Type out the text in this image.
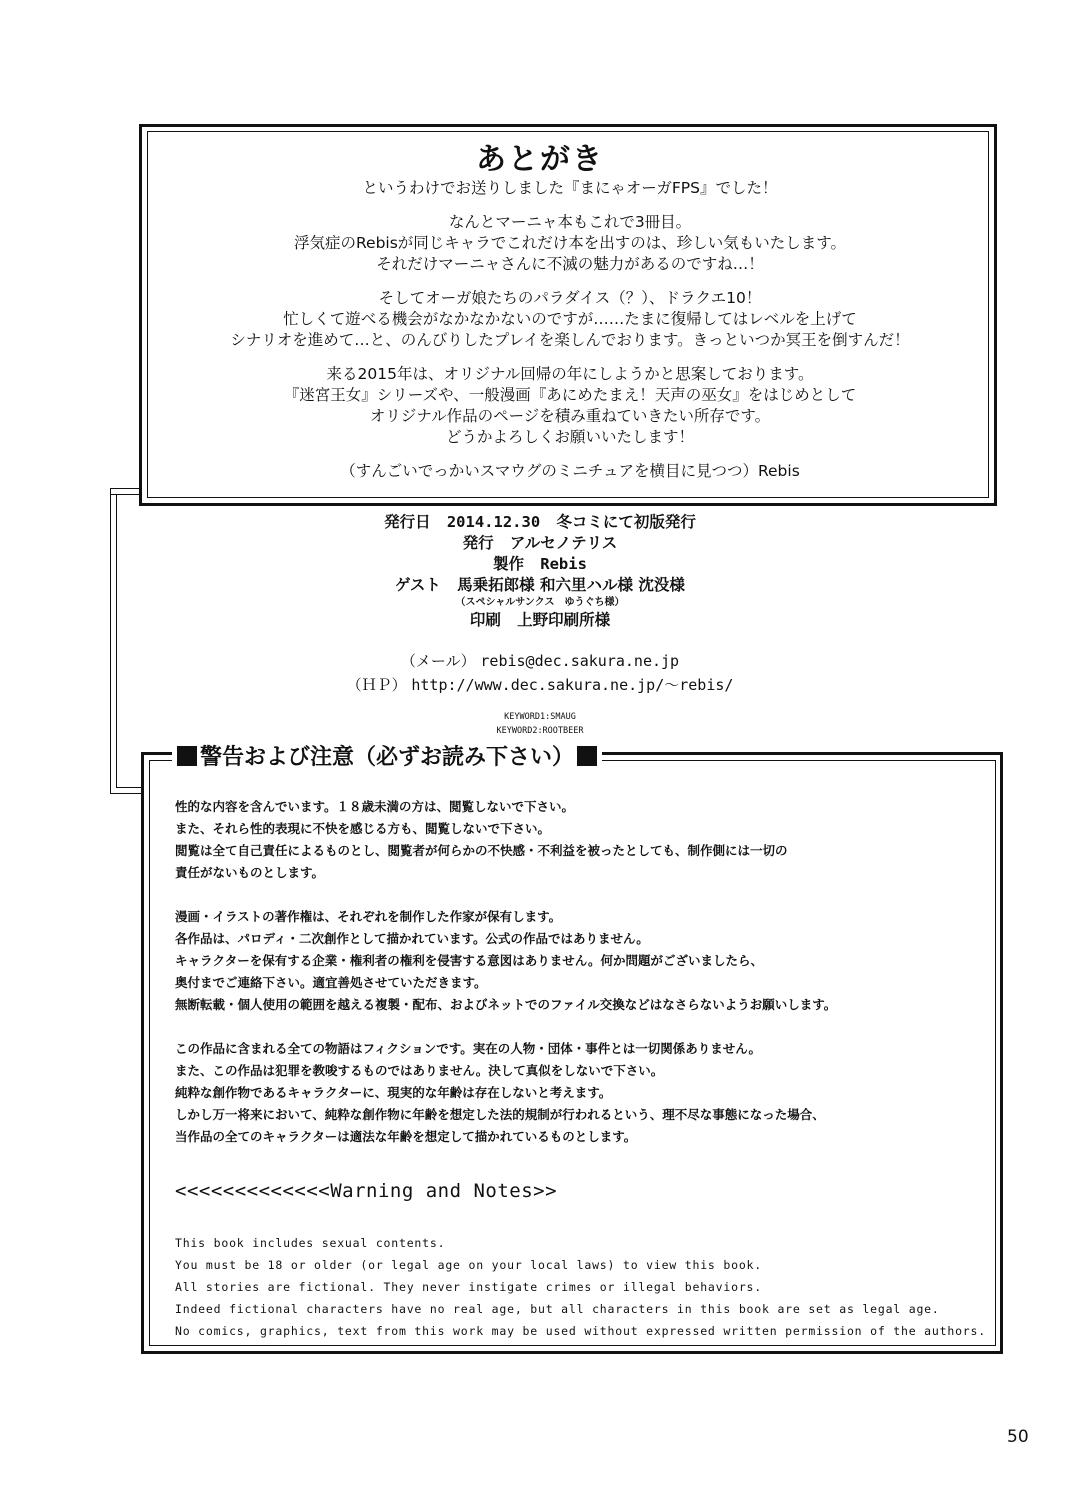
あとがき
というわけでお送りしました『まにゃオーガFPS』でした！
なんとマーニャ本もこれで3冊目。
浮気症のRebisが同じキャラでこれだけ本を出すのは、珍しい気もいたします。
それだけマーニャさんに不滅の魅力があるのですね…！
そしてオーガ娘たちのパラダイス（？）、ドラクエ10！
忙しくて遊べる機会がなかなかないのですが……たまに復帰してはレベルを上げて
シナリオを進めて…と、のんびりしたプレイを楽しんでおります。きっといつか冥王を倒すんだ！
来る2015年は、オリジナル回帰の年にしようかと思案しております。
『迷宮王女』シリーズや、一般漫画『あにめたまえ！天声の巫女』をはじめとして
オリジナル作品のページを積み重ねていきたい所存です。
どうかよろしくお願いいたします！
（すんごいでっかいスマウグのミニチュアを横目に見つつ）Rebis
発行日 2014.12.30 冬コミにて初版発行
発行 アルセノテリス
製作 Rebis
ゲスト 馬乗拓郎様 和六里ハル様 沈没様
（スペシャルサンクス　ゆうぐち様）
印刷 上野印刷所様
（メール） rebis@dec.sakura.ne.jp
（ＨＰ） http://www.dec.sakura.ne.jp/～rebis/
KEYWORD1:SMAUG
KEYWORD2:ROOTBEER
警告および注意（必ずお読み下さい）
性的な内容を含んでいます。１８歳未満の方は、閲覧しないで下さい。
また、それら性的表現に不快を感じる方も、閲覧しないで下さい。
閲覧は全て自己責任によるものとし、閲覧者が何らかの不快感・不利益を被ったとしても、制作側には一切の
責任がないものとします。
漫画・イラストの著作権は、それぞれを制作した作家が保有します。
各作品は、パロディ・二次創作として描かれています。公式の作品ではありません。
キャラクターを保有する企業・権利者の権利を侵害する意図はありません。何か問題がございましたら、
奥付までご連絡下さい。適宜善処させていただきます。
無断転載・個人使用の範囲を越える複製・配布、およびネットでのファイル交換などはなさらないようお願いします。
この作品に含まれる全ての物語はフィクションです。実在の人物・団体・事件とは一切関係ありません。
また、この作品は犯罪を教唆するものではありません。決して真似をしないで下さい。
純粋な創作物であるキャラクターに、現実的な年齢は存在しないと考えます。
しかし万一将来において、純粋な創作物に年齢を想定した法的規制が行われるという、理不尽な事態になった場合、
当作品の全てのキャラクターは適法な年齢を想定して描かれているものとします。
<<<<<<<<<<<<<Warning and Notes>>
This book includes sexual contents.
You must be 18 or older (or legal age on your local laws) to view this book.
All stories are fictional. They never instigate crimes or illegal behaviors.
Indeed fictional characters have no real age, but all characters in this book are set as legal age.
No comics, graphics, text from this work may be used without expressed written permission of the authors.
50
